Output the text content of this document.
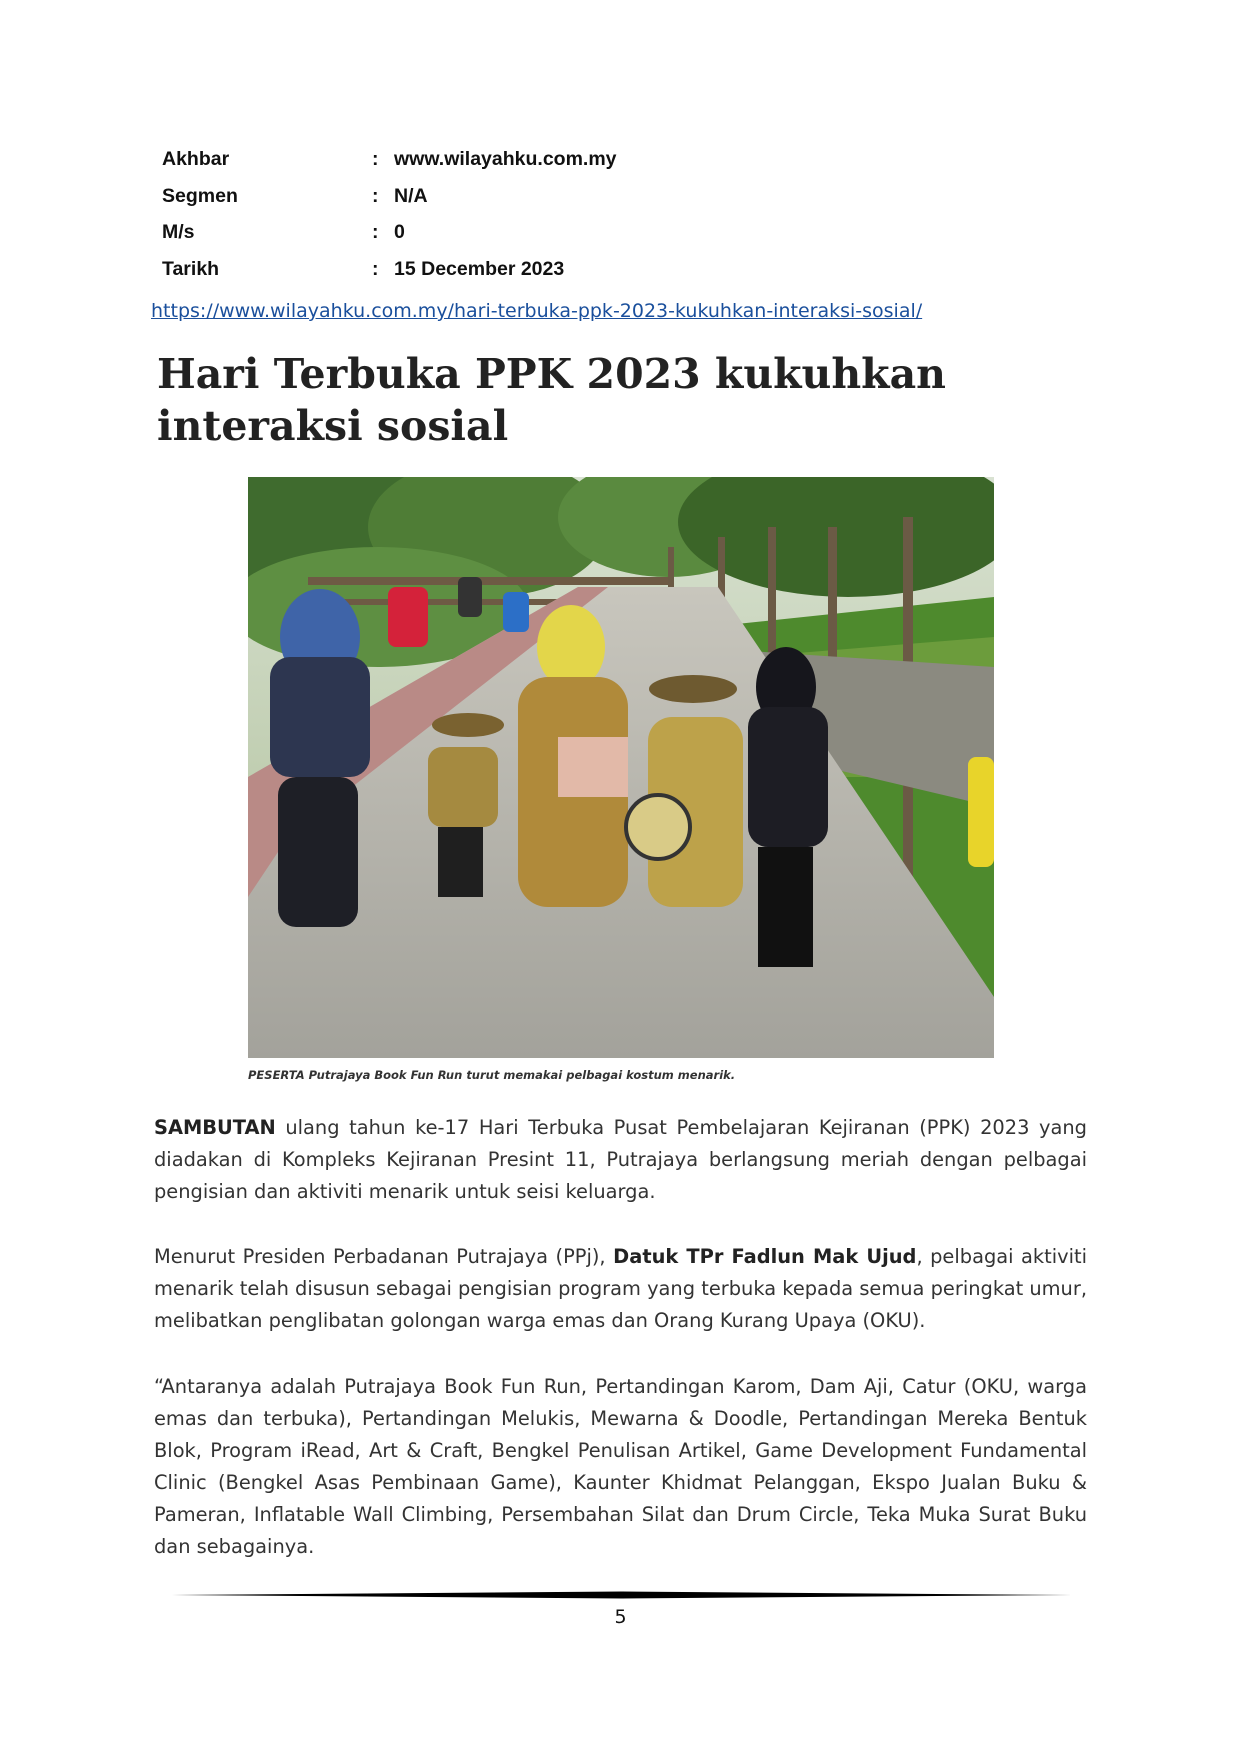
Akhbar	: www.wilayahku.com.my
Segmen	: N/A
M/s	: 0
Tarikh	: 15 December 2023
https://www.wilayahku.com.my/hari-terbuka-ppk-2023-kukuhkan-interaksi-sosial/
Hari Terbuka PPK 2023 kukuhkan
interaksi sosial
PESERTA Putrajaya Book Fun Run turut memakai pelbagai kostum menarik.

SAMBUTAN ulang tahun ke-17 Hari Terbuka Pusat Pembelajaran Kejiranan (PPK) 2023 yang diadakan di Kompleks Kejiranan Presint 11, Putrajaya berlangsung meriah dengan pelbagai pengisian dan aktiviti menarik untuk seisi keluarga.

Menurut Presiden Perbadanan Putrajaya (PPj), Datuk TPr Fadlun Mak Ujud, pelbagai aktiviti menarik telah disusun sebagai pengisian program yang terbuka kepada semua peringkat umur, melibatkan penglibatan golongan warga emas dan Orang Kurang Upaya (OKU).

“Antaranya adalah Putrajaya Book Fun Run, Pertandingan Karom, Dam Aji, Catur (OKU, warga emas dan terbuka), Pertandingan Melukis, Mewarna & Doodle, Pertandingan Mereka Bentuk Blok, Program iRead, Art & Craft, Bengkel Penulisan Artikel, Game Development Fundamental Clinic (Bengkel Asas Pembinaan Game), Kaunter Khidmat Pelanggan, Ekspo Jualan Buku & Pameran, Inflatable Wall Climbing, Persembahan Silat dan Drum Circle, Teka Muka Surat Buku dan sebagainya.

5
